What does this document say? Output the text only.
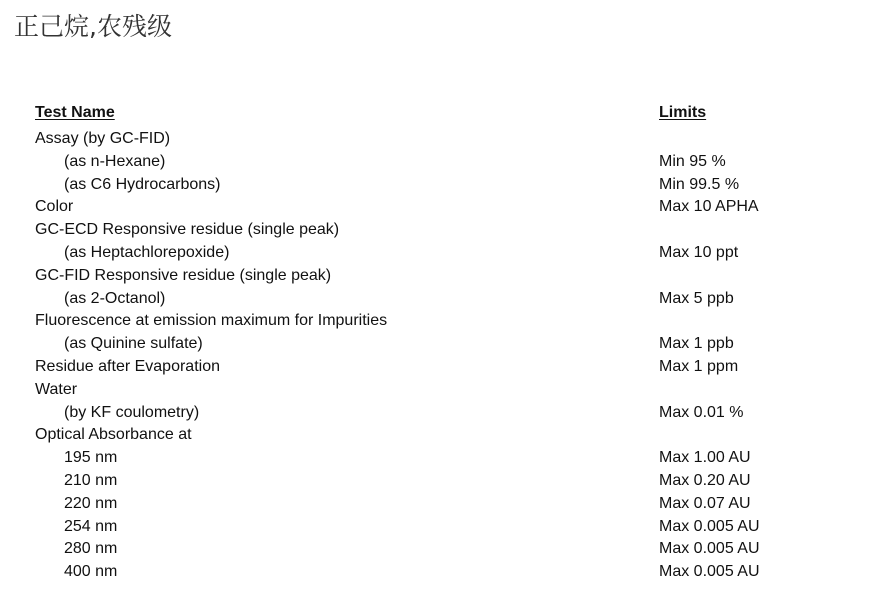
正己烷,农残级
Test Name	Limits
Assay (by GC-FID)
(as n-Hexane)	Min 95 %
(as C6 Hydrocarbons)	Min 99.5 %
Color	Max 10 APHA
GC-ECD Responsive residue (single peak)
(as Heptachlorepoxide)	Max 10 ppt
GC-FID Responsive residue (single peak)
(as 2-Octanol)	Max 5 ppb
Fluorescence at emission maximum for Impurities
(as Quinine sulfate)	Max 1 ppb
Residue after Evaporation	Max 1 ppm
Water
(by KF coulometry)	Max 0.01 %
Optical Absorbance at
195 nm	Max 1.00 AU
210 nm	Max 0.20 AU
220 nm	Max 0.07 AU
254 nm	Max 0.005 AU
280 nm	Max 0.005 AU
400 nm	Max 0.005 AU
